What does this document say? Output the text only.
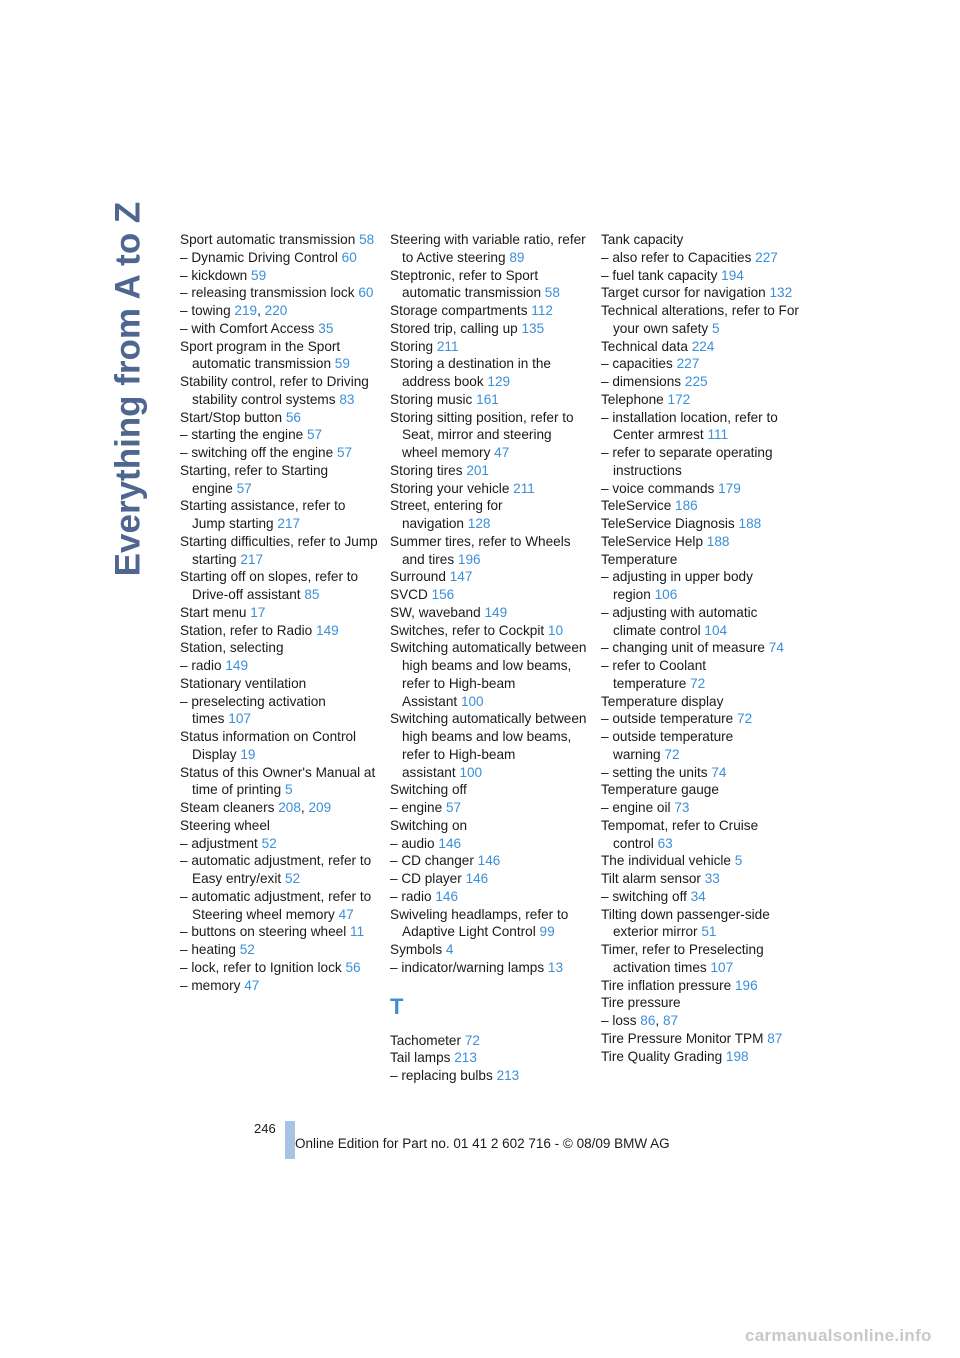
Everything from A to Z Sport automatic transmission 58
– Dynamic Driving Control 60
– kickdown 59
– releasing transmission lock 60
– towing 219, 220
– with Comfort Access 35
Sport program in the Sport automatic transmission 59
Stability control, refer to Driving stability control systems 83
Start/Stop button 56
– starting the engine 57
– switching off the engine 57
Starting, refer to Starting engine 57
Starting assistance, refer to Jump starting 217
Starting difficulties, refer to Jump starting 217
Starting off on slopes, refer to Drive-off assistant 85
Start menu 17
Station, refer to Radio 149
Station, selecting
– radio 149
Stationary ventilation
– preselecting activation times 107
Status information on Control Display 19
Status of this Owner's Manual at time of printing 5
Steam cleaners 208, 209
Steering wheel
– adjustment 52
– automatic adjustment, refer to Easy entry/exit 52
– automatic adjustment, refer to Steering wheel memory 47
– buttons on steering wheel 11
– heating 52
– lock, refer to Ignition lock 56
– memory 47
Steering with variable ratio, refer to Active steering 89
Steptronic, refer to Sport automatic transmission 58
Storage compartments 112
Stored trip, calling up 135
Storing 211
Storing a destination in the address book 129
Storing music 161
Storing sitting position, refer to Seat, mirror and steering wheel memory 47
Storing tires 201
Storing your vehicle 211
Street, entering for navigation 128
Summer tires, refer to Wheels and tires 196
Surround 147
SVCD 156
SW, waveband 149
Switches, refer to Cockpit 10
Switching automatically between high beams and low beams, refer to High-beam Assistant 100
Switching automatically between high beams and low beams, refer to High-beam assistant 100
Switching off
– engine 57
Switching on
– audio 146
– CD changer 146
– CD player 146
– radio 146
Swiveling headlamps, refer to Adaptive Light Control 99
Symbols 4
– indicator/warning lamps 13
T
Tachometer 72
Tail lamps 213
– replacing bulbs 213
Tank capacity
– also refer to Capacities 227
– fuel tank capacity 194
Target cursor for navigation 132
Technical alterations, refer to For your own safety 5
Technical data 224
– capacities 227
– dimensions 225
Telephone 172
– installation location, refer to Center armrest 111
– refer to separate operating instructions
– voice commands 179
TeleService 186
TeleService Diagnosis 188
TeleService Help 188
Temperature
– adjusting in upper body region 106
– adjusting with automatic climate control 104
– changing unit of measure 74
– refer to Coolant temperature 72
Temperature display
– outside temperature 72
– outside temperature warning 72
– setting the units 74
Temperature gauge
– engine oil 73
Tempomat, refer to Cruise control 63
The individual vehicle 5
Tilt alarm sensor 33
– switching off 34
Tilting down passenger-side exterior mirror 51
Timer, refer to Preselecting activation times 107
Tire inflation pressure 196
Tire pressure
– loss 86, 87
Tire Pressure Monitor TPM 87
Tire Quality Grading 198
246
Online Edition for Part no. 01 41 2 602 716 - © 08/09 BMW AG
carmanualsonline.info
